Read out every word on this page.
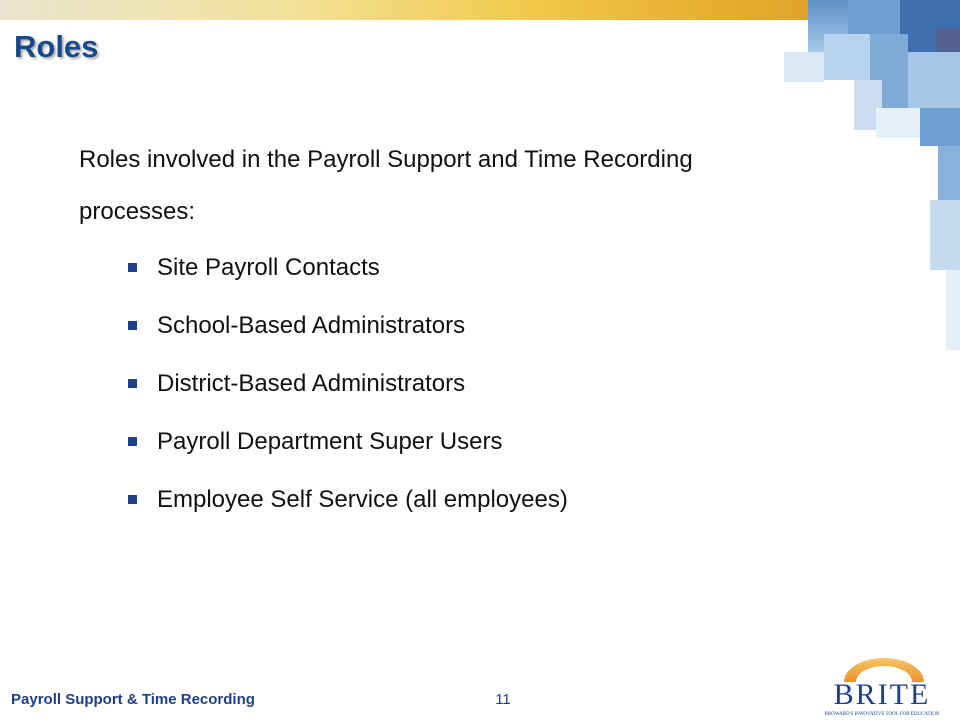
Roles

Roles involved in the Payroll Support and Time Recording processes:

Site Payroll Contacts
School-Based Administrators
District-Based Administrators
Payroll Department Super Users
Employee Self Service (all employees)
Payroll Support & Time Recording	11	BRITE
BROWARD'S INNOVATIVE TOOL FOR EDUCATION
